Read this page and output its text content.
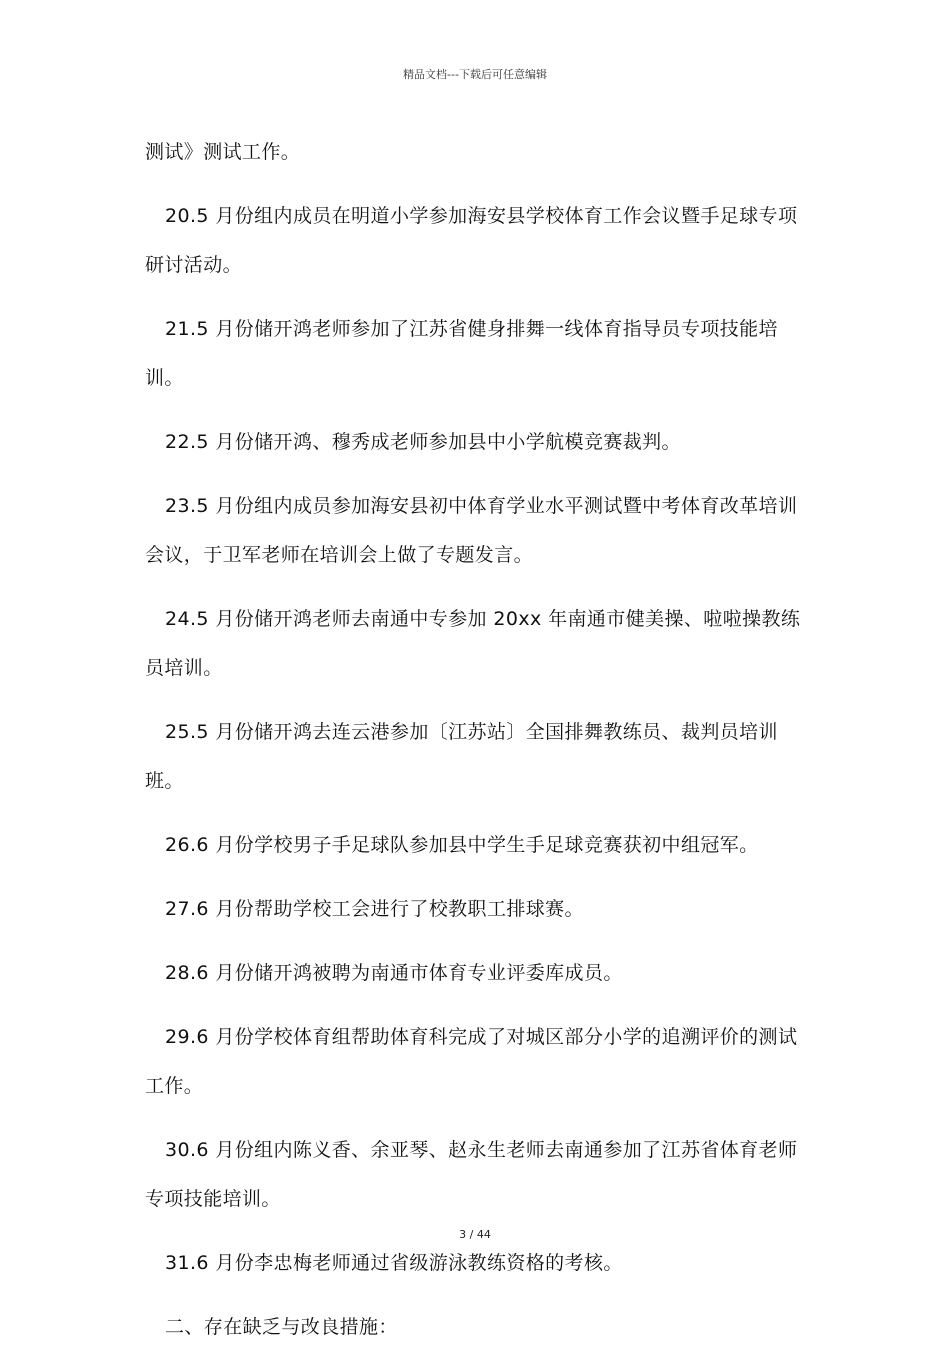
精品文档---下载后可任意编辑

测试》测试工作。

20.5 月份组内成员在明道小学参加海安县学校体育工作会议暨手足球专项研讨活动。

21.5 月份储开鸿老师参加了江苏省健身排舞一线体育指导员专项技能培训。

22.5 月份储开鸿、穆秀成老师参加县中小学航模竞赛裁判。

23.5 月份组内成员参加海安县初中体育学业水平测试暨中考体育改革培训会议，于卫军老师在培训会上做了专题发言。

24.5 月份储开鸿老师去南通中专参加 20xx 年南通市健美操、啦啦操教练员培训。

25.5 月份储开鸿去连云港参加〔江苏站〕全国排舞教练员、裁判员培训班。

26.6 月份学校男子手足球队参加县中学生手足球竞赛获初中组冠军。

27.6 月份帮助学校工会进行了校教职工排球赛。

28.6 月份储开鸿被聘为南通市体育专业评委库成员。

29.6 月份学校体育组帮助体育科完成了对城区部分小学的追溯评价的测试工作。

30.6 月份组内陈义香、余亚琴、赵永生老师去南通参加了江苏省体育老师专项技能培训。

31.6 月份李忠梅老师通过省级游泳教练资格的考核。

二、存在缺乏与改良措施：

3 / 44
